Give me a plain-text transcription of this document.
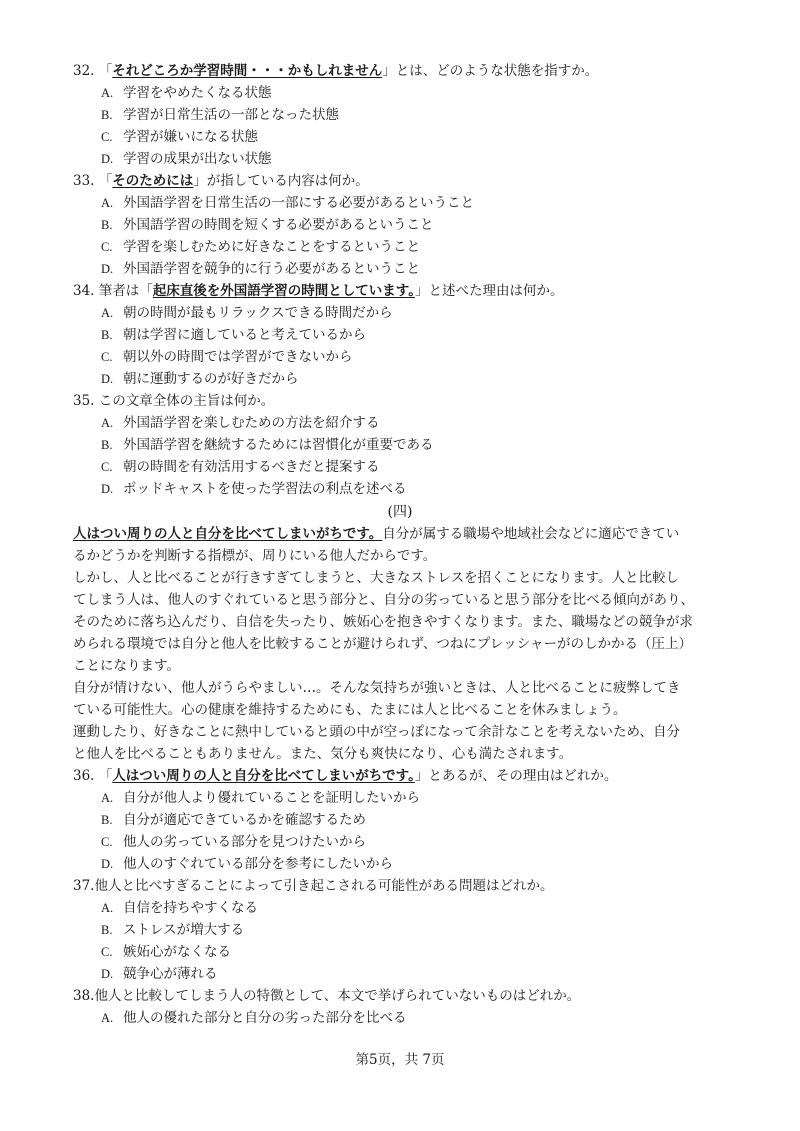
32. 「それどころか学習時間・・・かもしれません」とは、どのような状態を指すか。
A. 学習をやめたくなる状態
B. 学習が日常生活の一部となった状態
C. 学習が嫌いになる状態
D. 学習の成果が出ない状態
33. 「そのためには」が指している内容は何か。
A. 外国語学習を日常生活の一部にする必要があるということ
B. 外国語学習の時間を短くする必要があるということ
C. 学習を楽しむために好きなことをするということ
D. 外国語学習を競争的に行う必要があるということ
34. 筆者は「起床直後を外国語学習の時間としています。」と述べた理由は何か。
A. 朝の時間が最もリラックスできる時間だから
B. 朝は学習に適していると考えているから
C. 朝以外の時間では学習ができないから
D. 朝に運動するのが好きだから
35. この文章全体の主旨は何か。
A. 外国語学習を楽しむための方法を紹介する
B. 外国語学習を継続するためには習慣化が重要である
C. 朝の時間を有効活用するべきだと提案する
D. ポッドキャストを使った学習法の利点を述べる
(四)
人はつい周りの人と自分を比べてしまいがちです。自分が属する職場や地域社会などに適応できてい
るかどうかを判断する指標が、周りにいる他人だからです。
しかし、人と比べることが行きすぎてしまうと、大きなストレスを招くことになります。人と比較し
てしまう人は、他人のすぐれていると思う部分と、自分の劣っていると思う部分を比べる傾向があり、
そのために落ち込んだり、自信を失ったり、嫉妬心を抱きやすくなります。また、職場などの競争が求
められる環境では自分と他人を比較することが避けられず、つねにプレッシャーがのしかかる（圧上）
ことになります。
自分が情けない、他人がうらやましい…。そんな気持ちが強いときは、人と比べることに疲弊してき
ている可能性大。心の健康を維持するためにも、たまには人と比べることを休みましょう。
運動したり、好きなことに熱中していると頭の中が空っぽになって余計なことを考えないため、自分
と他人を比べることもありません。また、気分も爽快になり、心も満たされます。
36. 「人はつい周りの人と自分を比べてしまいがちです。」とあるが、その理由はどれか。
A. 自分が他人より優れていることを証明したいから
B. 自分が適応できているかを確認するため
C. 他人の劣っている部分を見つけたいから
D. 他人のすぐれている部分を参考にしたいから
37.他人と比べすぎることによって引き起こされる可能性がある問題はどれか。
A. 自信を持ちやすくなる
B. ストレスが増大する
C. 嫉妬心がなくなる
D. 競争心が薄れる
38.他人と比較してしまう人の特徴として、本文で挙げられていないものはどれか。
A. 他人の優れた部分と自分の劣った部分を比べる
第5页，共 7页
